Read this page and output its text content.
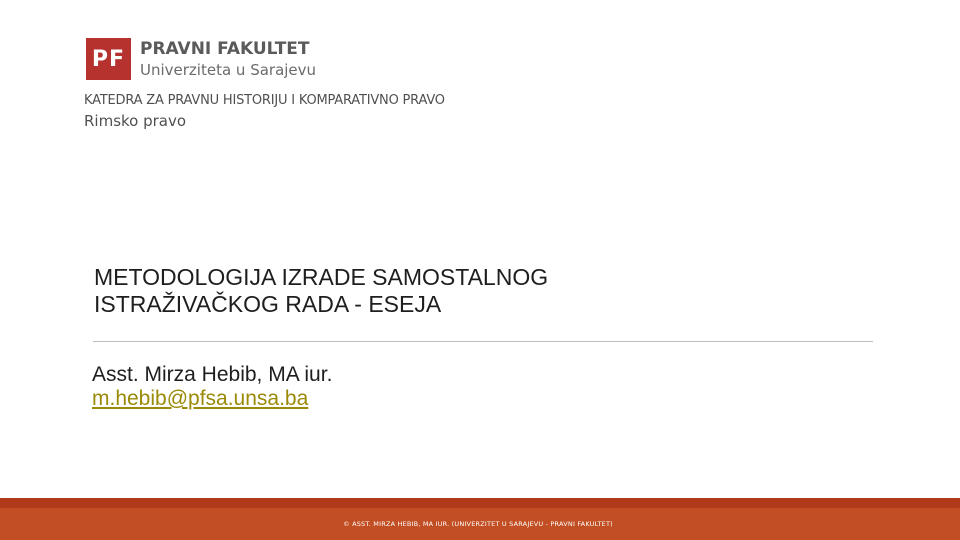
PF PRAVNI FAKULTET
Univerziteta u Sarajevu
KATEDRA ZA PRAVNU HISTORIJU I KOMPARATIVNO PRAVO
Rimsko pravo
METODOLOGIJA IZRADE SAMOSTALNOG
ISTRAŽIVAČKOG RADA - ESEJA
Asst. Mirza Hebib, MA iur.
m.hebib@pfsa.unsa.ba
© ASST. MIRZA HEBIB, MA IUR. (UNIVERZITET U SARAJEVU - PRAVNI FAKULTET)
